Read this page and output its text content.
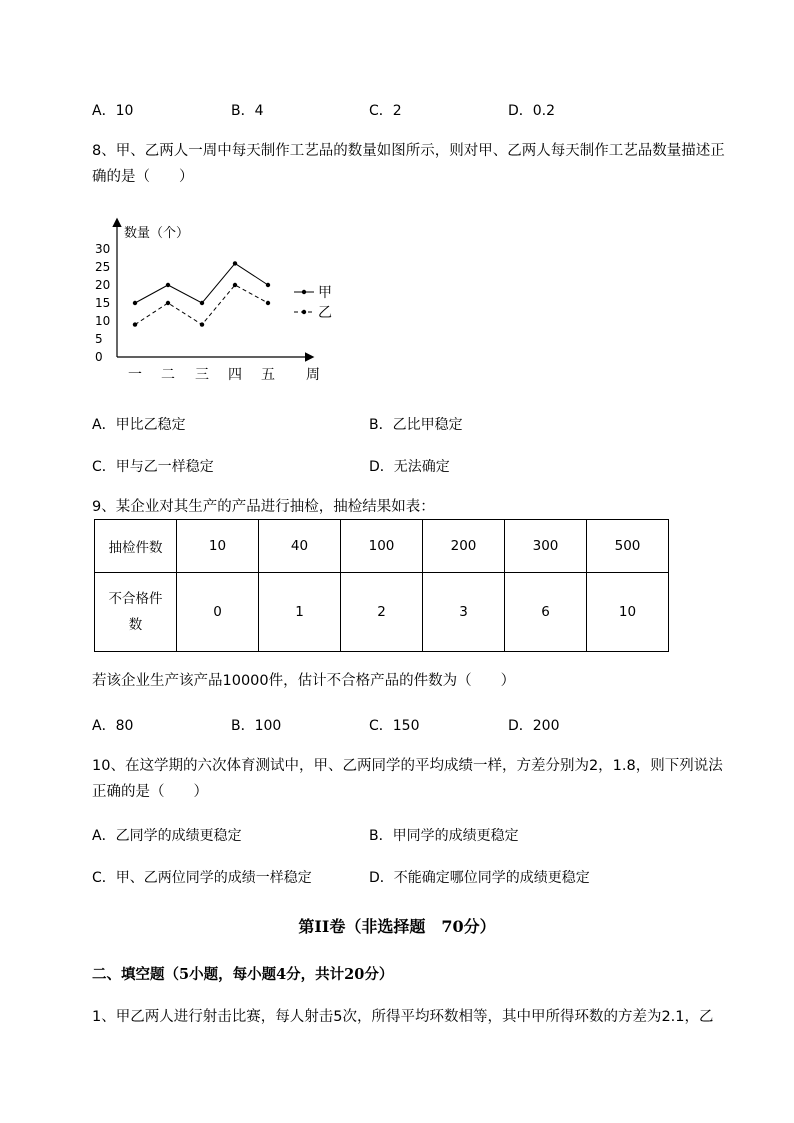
A．10	B．4	C．2	D．0.2
8、甲、乙两人一周中每天制作工艺品的数量如图所示，则对甲、乙两人每天制作工艺品数量描述正
确的是（　　）
数量（个）
周
30
25
20
15
10
5
0
一 二 三 四 五
甲
乙
A．甲比乙稳定	B．乙比甲稳定
C．甲与乙一样稳定	D．无法确定
9、某企业对其生产的产品进行抽检，抽检结果如表：
抽检件数	10	40	100	200	300	500

不合格件
数	0	1	2	3	6	10
若该企业生产该产品10000件，估计不合格产品的件数为（　　）
A．80	B．100	C．150	D．200
10、在这学期的六次体育测试中，甲、乙两同学的平均成绩一样，方差分别为2，1.8，则下列说法
正确的是（　　）
A．乙同学的成绩更稳定	B．甲同学的成绩更稳定
C．甲、乙两位同学的成绩一样稳定	D．不能确定哪位同学的成绩更稳定
第II卷（非选择题　70分）
二、填空题（5小题，每小题4分，共计20分）
1、甲乙两人进行射击比赛，每人射击5次，所得平均环数相等，其中甲所得环数的方差为2.1，乙
